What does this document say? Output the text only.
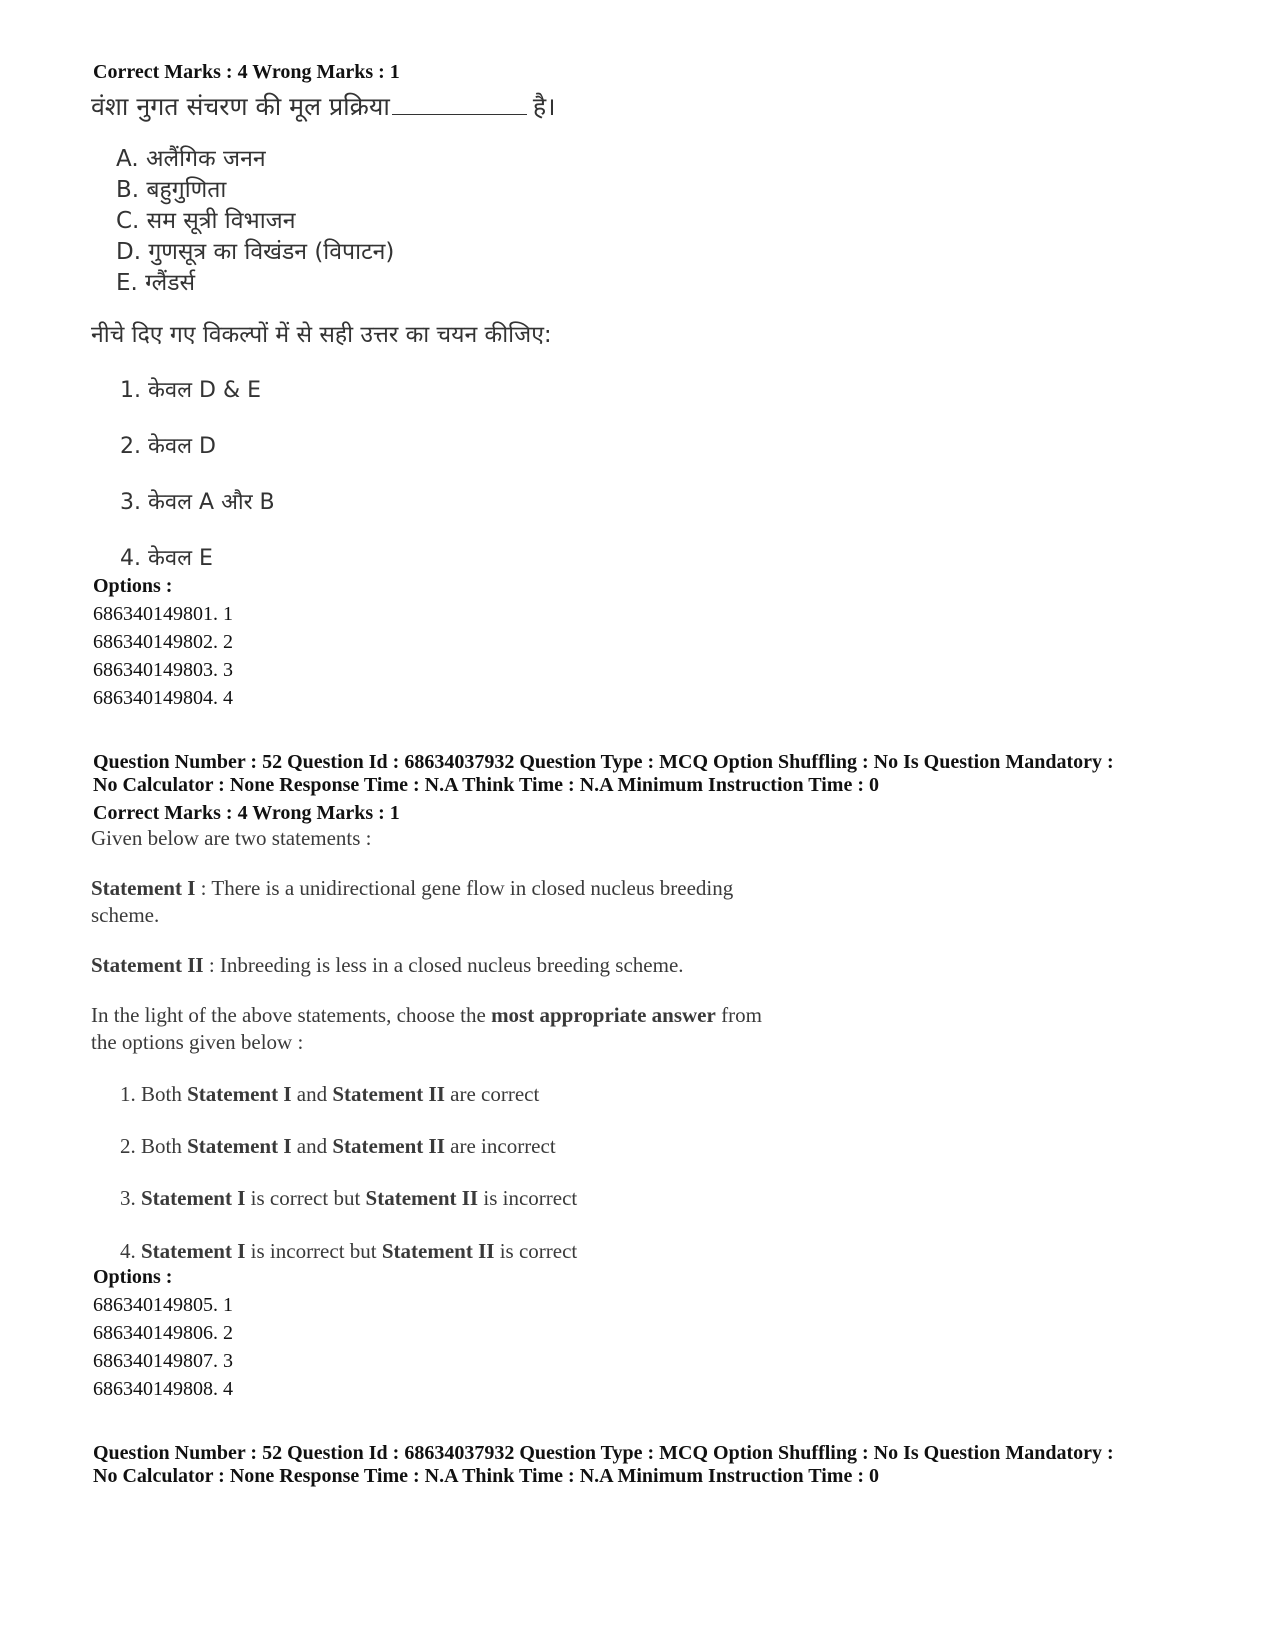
Correct Marks : 4 Wrong Marks : 1
वंशा नुगत संचरण की मूल प्रक्रिया	है।
A. अलैंगिक जनन
B. बहुगुणिता
C. सम सूत्री विभाजन
D. गुणसूत्र का विखंडन (विपाटन)
E. ग्लैंडर्स
नीचे दिए गए विकल्पों में से सही उत्तर का चयन कीजिए:
1. केवल D & E
2. केवल D
3. केवल A और B
4. केवल E
Options :
686340149801. 1
686340149802. 2
686340149803. 3
686340149804. 4
Question Number : 52 Question Id : 68634037932 Question Type : MCQ Option Shuffling : No Is Question Mandatory :
No Calculator : None Response Time : N.A Think Time : N.A Minimum Instruction Time : 0
Correct Marks : 4 Wrong Marks : 1
Given below are two statements :
Statement I : There is a unidirectional gene flow in closed nucleus breeding
scheme.
Statement II : Inbreeding is less in a closed nucleus breeding scheme.
In the light of the above statements, choose the most appropriate answer from
the options given below :
1. Both Statement I and Statement II are correct
2. Both Statement I and Statement II are incorrect
3. Statement I is correct but Statement II is incorrect
4. Statement I is incorrect but Statement II is correct
Options :
686340149805. 1
686340149806. 2
686340149807. 3
686340149808. 4
Question Number : 52 Question Id : 68634037932 Question Type : MCQ Option Shuffling : No Is Question Mandatory :
No Calculator : None Response Time : N.A Think Time : N.A Minimum Instruction Time : 0
